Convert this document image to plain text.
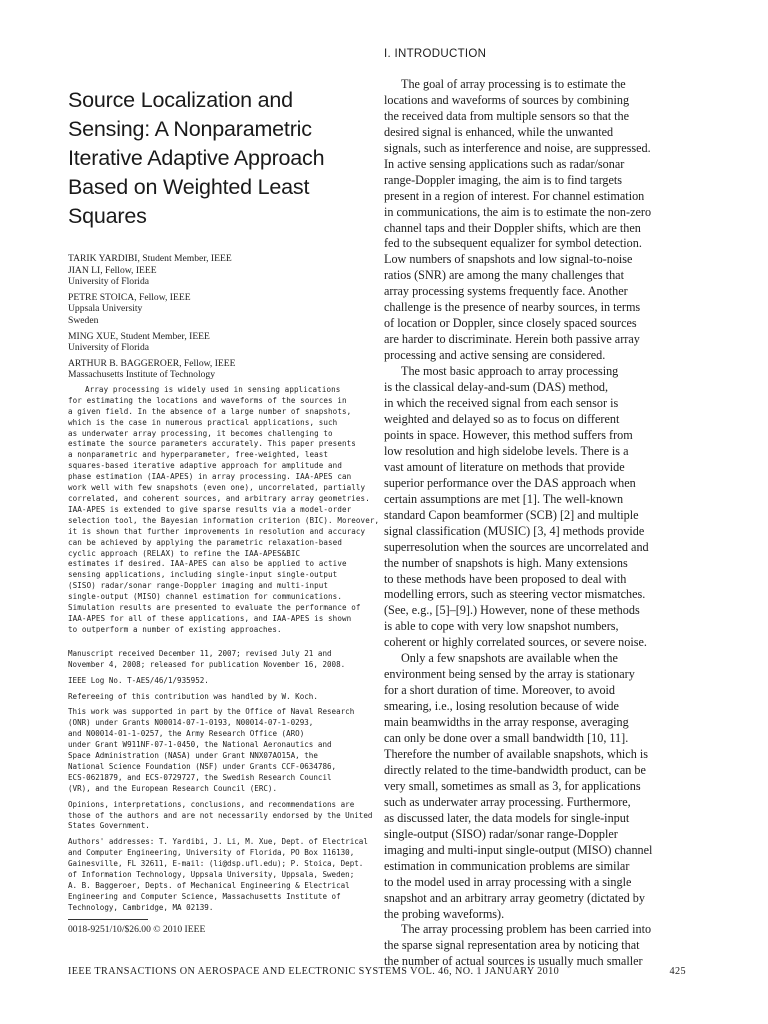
Source Localization and
Sensing: A Nonparametric
Iterative Adaptive Approach
Based on Weighted Least
Squares
TARIK YARDIBI, Student Member, IEEE
JIAN LI, Fellow, IEEE
University of Florida
PETRE STOICA, Fellow, IEEE
Uppsala University
Sweden
MING XUE, Student Member, IEEE
University of Florida
ARTHUR B. BAGGEROER, Fellow, IEEE
Massachusetts Institute of Technology
Array processing is widely used in sensing applications
for estimating the locations and waveforms of the sources in
a given field. In the absence of a large number of snapshots,
which is the case in numerous practical applications, such
as underwater array processing, it becomes challenging to
estimate the source parameters accurately. This paper presents
a nonparametric and hyperparameter, free-weighted, least
squares-based iterative adaptive approach for amplitude and
phase estimation (IAA-APES) in array processing. IAA-APES can
work well with few snapshots (even one), uncorrelated, partially
correlated, and coherent sources, and arbitrary array geometries.
IAA-APES is extended to give sparse results via a model-order
selection tool, the Bayesian information criterion (BIC). Moreover,
it is shown that further improvements in resolution and accuracy
can be achieved by applying the parametric relaxation-based
cyclic approach (RELAX) to refine the IAA-APES&BIC
estimates if desired. IAA-APES can also be applied to active
sensing applications, including single-input single-output
(SISO) radar/sonar range-Doppler imaging and multi-input
single-output (MISO) channel estimation for communications.
Simulation results are presented to evaluate the performance of
IAA-APES for all of these applications, and IAA-APES is shown
to outperform a number of existing approaches.
Manuscript received December 11, 2007; revised July 21 and
November 4, 2008; released for publication November 16, 2008.
IEEE Log No. T-AES/46/1/935952.
Refereeing of this contribution was handled by W. Koch.
This work was supported in part by the Office of Naval Research
(ONR) under Grants N00014-07-1-0193, N00014-07-1-0293,
and N00014-01-1-0257, the Army Research Office (ARO)
under Grant W911NF-07-1-0450, the National Aeronautics and
Space Administration (NASA) under Grant NNX07AO15A, the
National Science Foundation (NSF) under Grants CCF-0634786,
ECS-0621879, and ECS-0729727, the Swedish Research Council
(VR), and the European Research Council (ERC).
Opinions, interpretations, conclusions, and recommendations are
those of the authors and are not necessarily endorsed by the United
States Government.
Authors' addresses: T. Yardibi, J. Li, M. Xue, Dept. of Electrical
and Computer Engineering, University of Florida, PO Box 116130,
Gainesville, FL 32611, E-mail: (li@dsp.ufl.edu); P. Stoica, Dept.
of Information Technology, Uppsala University, Uppsala, Sweden;
A. B. Baggeroer, Depts. of Mechanical Engineering & Electrical
Engineering and Computer Science, Massachusetts Institute of
Technology, Cambridge, MA 02139.
0018-9251/10/$26.00 © 2010 IEEE
I. INTRODUCTION
The goal of array processing is to estimate the
locations and waveforms of sources by combining
the received data from multiple sensors so that the
desired signal is enhanced, while the unwanted
signals, such as interference and noise, are suppressed.
In active sensing applications such as radar/sonar
range-Doppler imaging, the aim is to find targets
present in a region of interest. For channel estimation
in communications, the aim is to estimate the non-zero
channel taps and their Doppler shifts, which are then
fed to the subsequent equalizer for symbol detection.
Low numbers of snapshots and low signal-to-noise
ratios (SNR) are among the many challenges that
array processing systems frequently face. Another
challenge is the presence of nearby sources, in terms
of location or Doppler, since closely spaced sources
are harder to discriminate. Herein both passive array
processing and active sensing are considered.
The most basic approach to array processing
is the classical delay-and-sum (DAS) method,
in which the received signal from each sensor is
weighted and delayed so as to focus on different
points in space. However, this method suffers from
low resolution and high sidelobe levels. There is a
vast amount of literature on methods that provide
superior performance over the DAS approach when
certain assumptions are met [1]. The well-known
standard Capon beamformer (SCB) [2] and multiple
signal classification (MUSIC) [3, 4] methods provide
superresolution when the sources are uncorrelated and
the number of snapshots is high. Many extensions
to these methods have been proposed to deal with
modelling errors, such as steering vector mismatches.
(See, e.g., [5]–[9].) However, none of these methods
is able to cope with very low snapshot numbers,
coherent or highly correlated sources, or severe noise.
Only a few snapshots are available when the
environment being sensed by the array is stationary
for a short duration of time. Moreover, to avoid
smearing, i.e., losing resolution because of wide
main beamwidths in the array response, averaging
can only be done over a small bandwidth [10, 11].
Therefore the number of available snapshots, which is
directly related to the time-bandwidth product, can be
very small, sometimes as small as 3, for applications
such as underwater array processing. Furthermore,
as discussed later, the data models for single-input
single-output (SISO) radar/sonar range-Doppler
imaging and multi-input single-output (MISO) channel
estimation in communication problems are similar
to the model used in array processing with a single
snapshot and an arbitrary array geometry (dictated by
the probing waveforms).
The array processing problem has been carried into
the sparse signal representation area by noticing that
the number of actual sources is usually much smaller
IEEE TRANSACTIONS ON AEROSPACE AND ELECTRONIC SYSTEMS VOL. 46, NO. 1 JANUARY 2010	425
